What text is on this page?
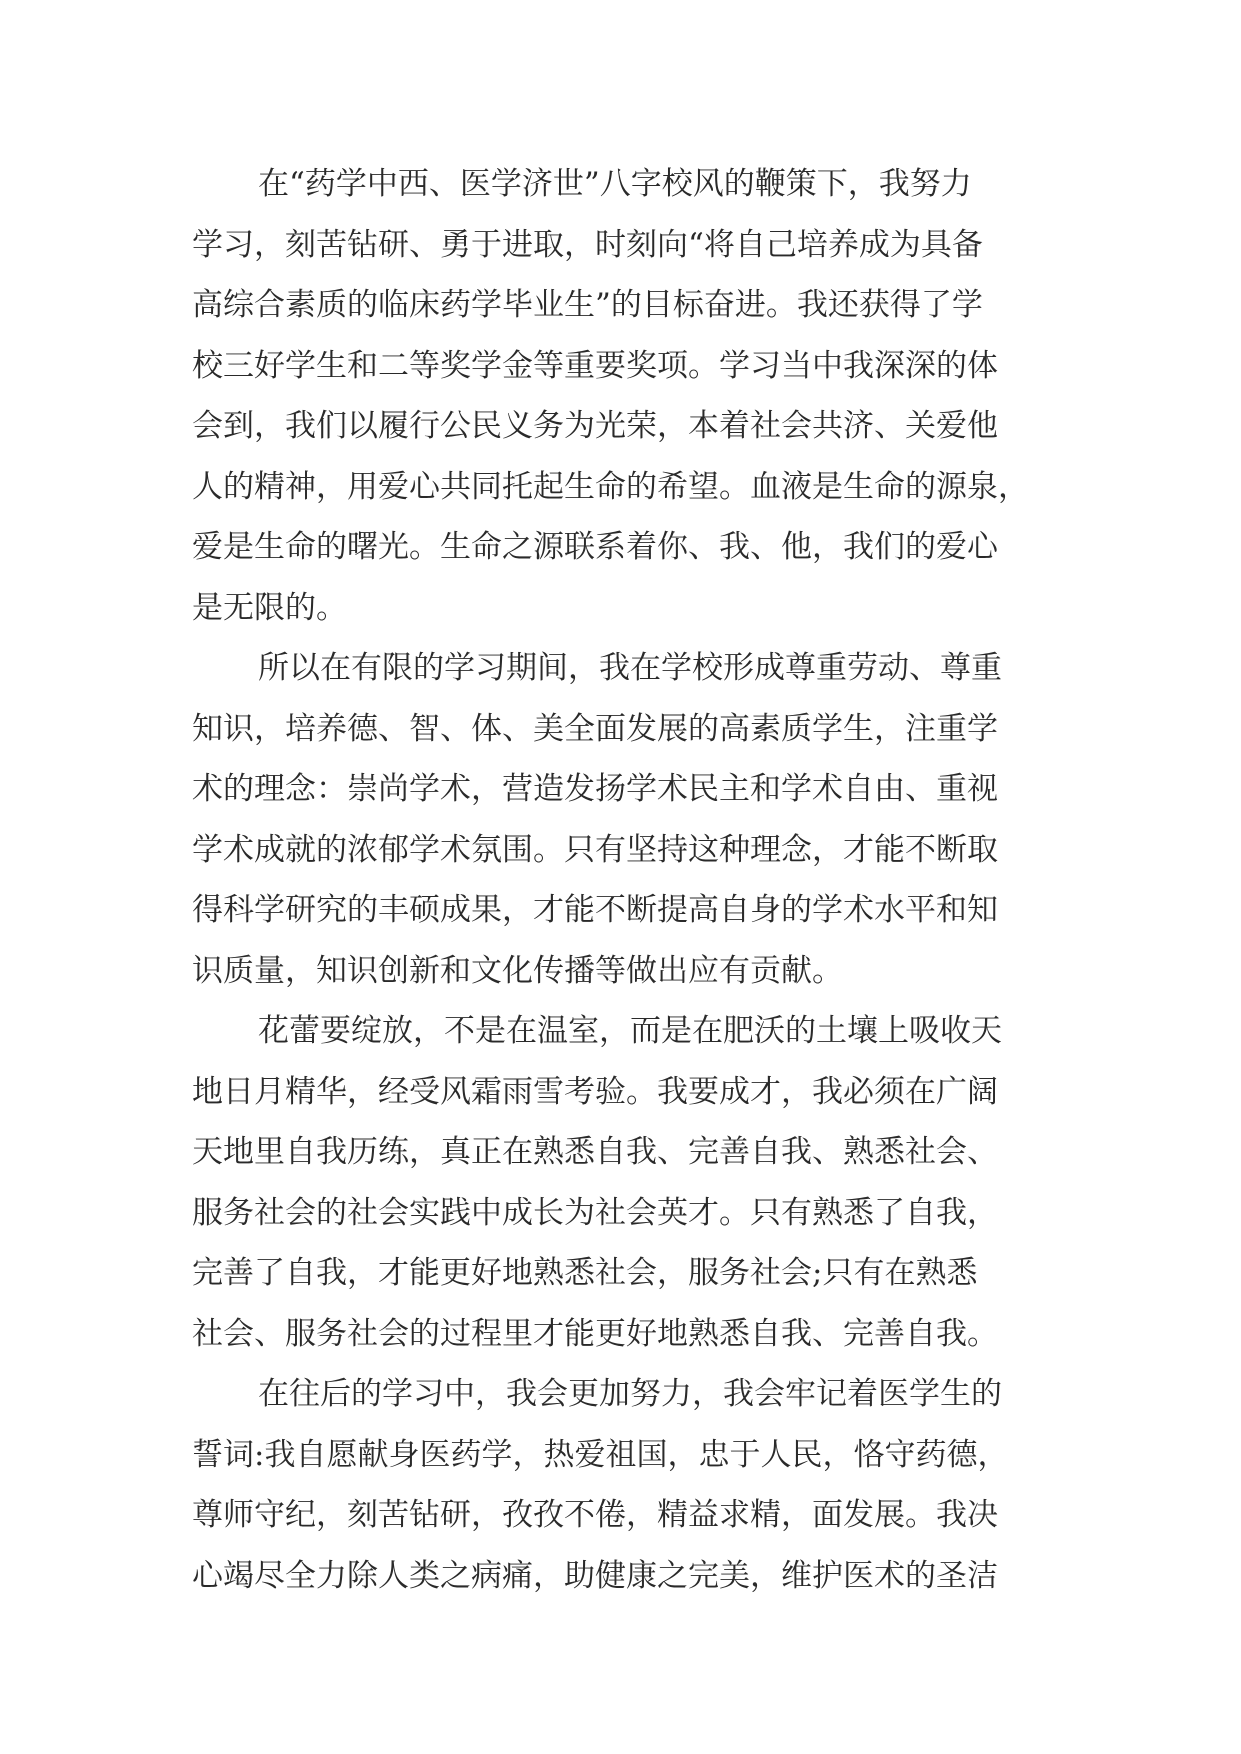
在“药学中西、医学济世”八字校风的鞭策下，我努力
学习，刻苦钻研、勇于进取，时刻向“将自己培养成为具备
高综合素质的临床药学毕业生”的目标奋进。我还获得了学
校三好学生和二等奖学金等重要奖项。学习当中我深深的体
会到，我们以履行公民义务为光荣，本着社会共济、关爱他
人的精神，用爱心共同托起生命的希望。血液是生命的源泉，
爱是生命的曙光。生命之源联系着你、我、他，我们的爱心
是无限的。
所以在有限的学习期间，我在学校形成尊重劳动、尊重
知识，培养德、智、体、美全面发展的高素质学生，注重学
术的理念：崇尚学术，营造发扬学术民主和学术自由、重视
学术成就的浓郁学术氛围。只有坚持这种理念，才能不断取
得科学研究的丰硕成果，才能不断提高自身的学术水平和知
识质量，知识创新和文化传播等做出应有贡献。
花蕾要绽放，不是在温室，而是在肥沃的土壤上吸收天
地日月精华，经受风霜雨雪考验。我要成才，我必须在广阔
天地里自我历练，真正在熟悉自我、完善自我、熟悉社会、
服务社会的社会实践中成长为社会英才。只有熟悉了自我，
完善了自我，才能更好地熟悉社会，服务社会;只有在熟悉
社会、服务社会的过程里才能更好地熟悉自我、完善自我。
在往后的学习中，我会更加努力，我会牢记着医学生的
誓词:我自愿献身医药学，热爱祖国，忠于人民，恪守药德，
尊师守纪，刻苦钻研，孜孜不倦，精益求精，面发展。我决
心竭尽全力除人类之病痛，助健康之完美，维护医术的圣洁
